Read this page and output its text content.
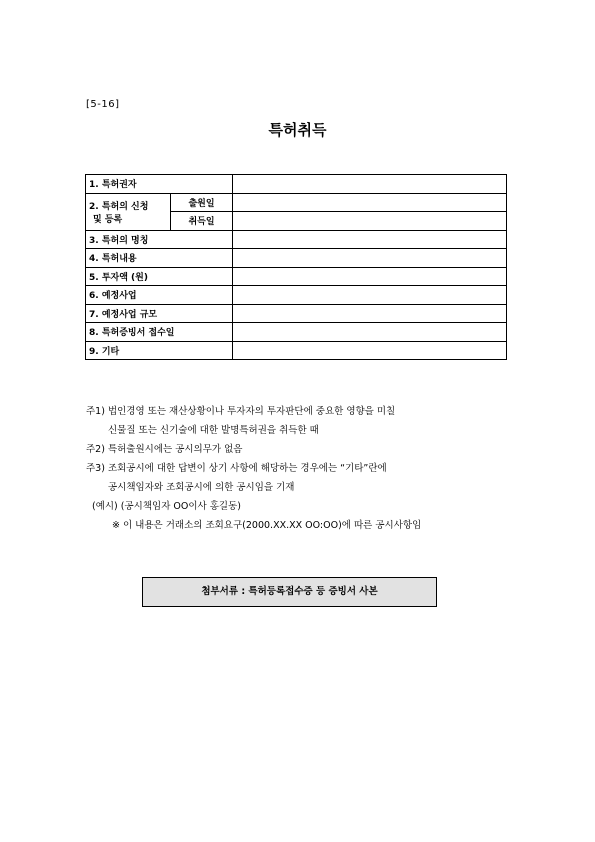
[5-16]
특허취득
1. 특허권자		

2. 특허의 신청
및 등록	출원일	
	취득일	
3. 특허의 명칭		
4. 특허내용		
5. 투자액 (원)		
6. 예정사업		
7. 예정사업 규모		
8. 특허증빙서 접수일		
9. 기타		
주1) 법인경영 또는 재산상황이나 투자자의 투자판단에 중요한 영향을 미칠
신물질 또는 신기술에 대한 발명특허권을 취득한 때
주2) 특허출원시에는 공시의무가 없음
주3) 조회공시에 대한 답변이 상기 사항에 해당하는 경우에는 “기타”란에
공시책임자와 조회공시에 의한 공시임을 기재
(예시) (공시책임자 OO이사 홍길동)
※ 이 내용은 거래소의 조회요구(2000.XX.XX OO:OO)에 따른 공시사항임
첨부서류 : 특허등록접수증 등 증빙서 사본
